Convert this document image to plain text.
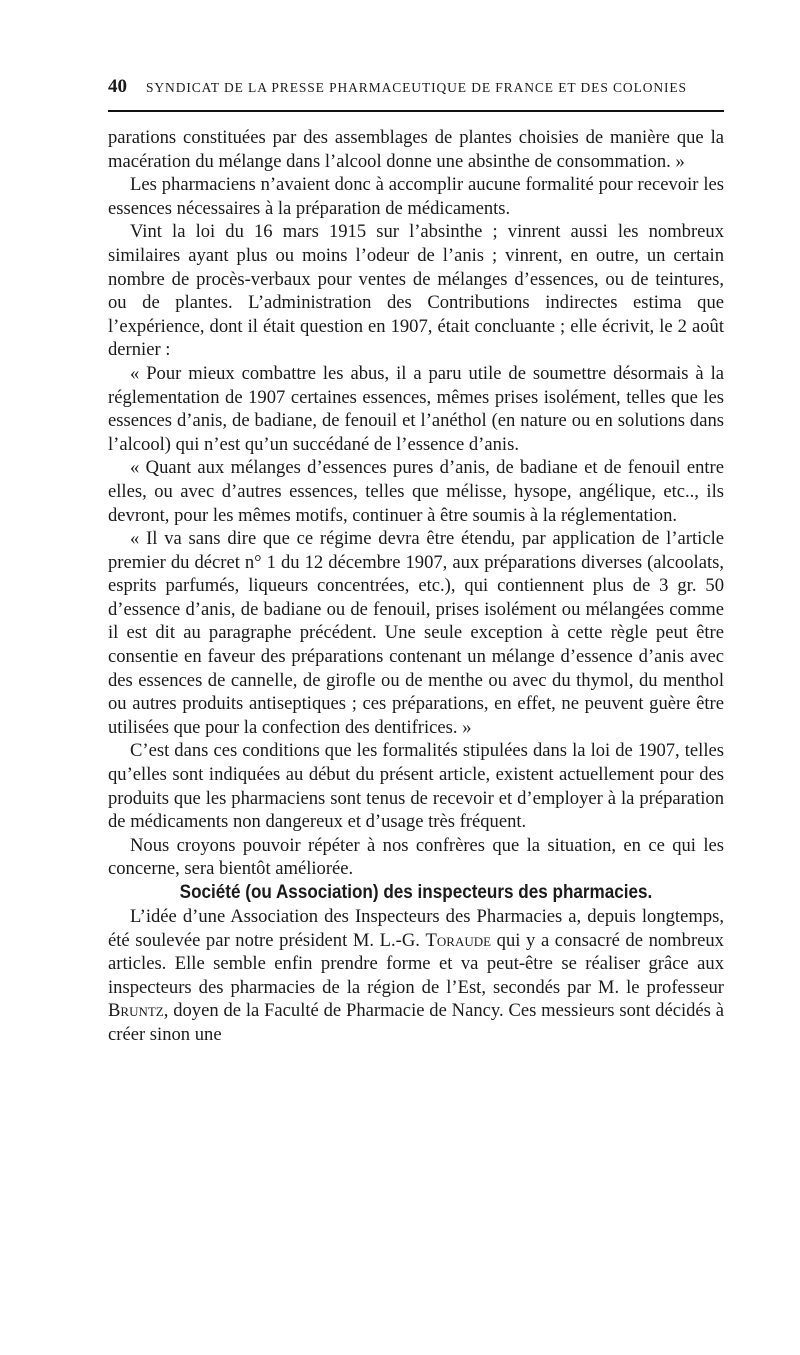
40	SYNDICAT DE LA PRESSE PHARMACEUTIQUE DE FRANCE ET DES COLONIES

parations constituées par des assemblages de plantes choisies de manière que la macération du mélange dans l’alcool donne une absinthe de consommation. »

Les pharmaciens n’avaient donc à accomplir aucune formalité pour recevoir les essences nécessaires à la préparation de médicaments.

Vint la loi du 16 mars 1915 sur l’absinthe ; vinrent aussi les nombreux similaires ayant plus ou moins l’odeur de l’anis ; vinrent, en outre, un certain nombre de procès-verbaux pour ventes de mélanges d’essences, ou de teintures, ou de plantes. L’administration des Contributions indirectes estima que l’expérience, dont il était question en 1907, était concluante ; elle écrivit, le 2 août dernier :

« Pour mieux combattre les abus, il a paru utile de soumettre désormais à la réglementation de 1907 certaines essences, mêmes prises isolément, telles que les essences d’anis, de badiane, de fenouil et l’anéthol (en nature ou en solutions dans l’alcool) qui n’est qu’un succédané de l’essence d’anis.

« Quant aux mélanges d’essences pures d’anis, de badiane et de fenouil entre elles, ou avec d’autres essences, telles que mélisse, hysope, angélique, etc.., ils devront, pour les mêmes motifs, continuer à être soumis à la réglementation.

« Il va sans dire que ce régime devra être étendu, par application de l’article premier du décret n° 1 du 12 décembre 1907, aux préparations diverses (alcoolats, esprits parfumés, liqueurs concentrées, etc.), qui contiennent plus de 3 gr. 50 d’essence d’anis, de badiane ou de fenouil, prises isolément ou mélangées comme il est dit au paragraphe précédent. Une seule exception à cette règle peut être consentie en faveur des préparations contenant un mélange d’essence d’anis avec des essences de cannelle, de girofle ou de menthe ou avec du thymol, du menthol ou autres produits antiseptiques ; ces préparations, en effet, ne peuvent guère être utilisées que pour la confection des dentifrices. »

C’est dans ces conditions que les formalités stipulées dans la loi de 1907, telles qu’elles sont indiquées au début du présent article, existent actuellement pour des produits que les pharmaciens sont tenus de recevoir et d’employer à la préparation de médicaments non dangereux et d’usage très fréquent.

Nous croyons pouvoir répéter à nos confrères que la situation, en ce qui les concerne, sera bientôt améliorée.

Société (ou Association) des inspecteurs des pharmacies.

L’idée d’une Association des Inspecteurs des Pharmacies a, depuis longtemps, été soulevée par notre président M. L.-G. Toraude qui y a consacré de nombreux articles. Elle semble enfin prendre forme et va peut-être se réaliser grâce aux inspecteurs des pharmacies de la région de l’Est, secondés par M. le professeur Bruntz, doyen de la Faculté de Pharmacie de Nancy. Ces messieurs sont décidés à créer sinon une
